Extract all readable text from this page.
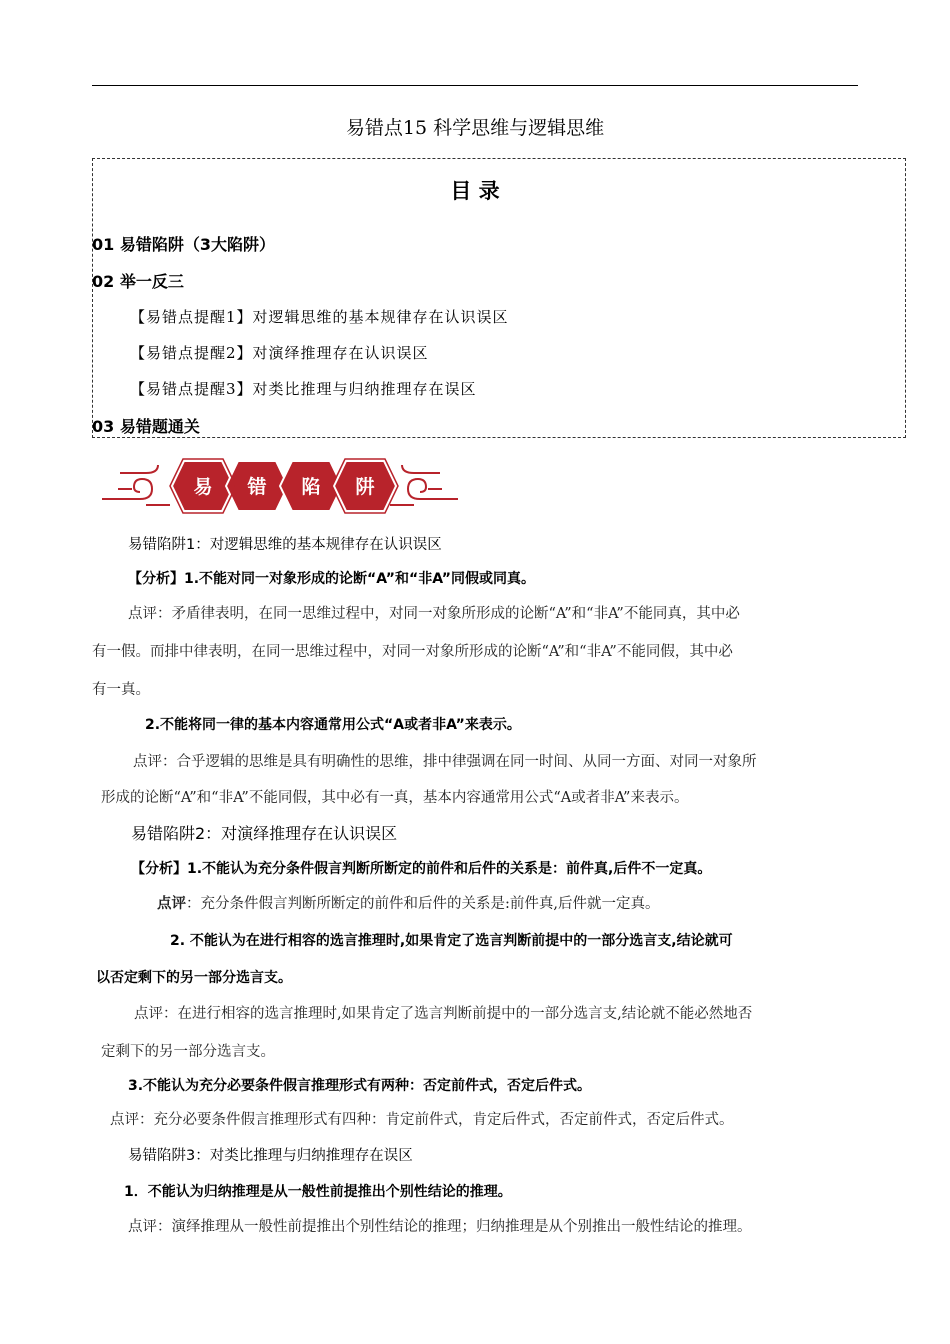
易错点15 科学思维与逻辑思维
目 录
01 易错陷阱（3大陷阱）
02 举一反三
【易错点提醒1】对逻辑思维的基本规律存在认识误区
【易错点提醒2】对演绎推理存在认识误区
【易错点提醒3】对类比推理与归纳推理存在误区
03 易错题通关
易 错 陷 阱
易错陷阱1：对逻辑思维的基本规律存在认识误区
【分析】1.不能对同一对象形成的论断“A”和“非A”同假或同真。
点评：矛盾律表明，在同一思维过程中，对同一对象所形成的论断“A”和“非A”不能同真，其中必
有一假。而排中律表明，在同一思维过程中，对同一对象所形成的论断“A”和“非A”不能同假，其中必
有一真。
2.不能将同一律的基本内容通常用公式“A或者非A”来表示。
点评：合乎逻辑的思维是具有明确性的思维，排中律强调在同一时间、从同一方面、对同一对象所
形成的论断“A”和“非A”不能同假，其中必有一真，基本内容通常用公式“A或者非A”来表示。
易错陷阱2：对演绎推理存在认识误区
【分析】1.不能认为充分条件假言判断所断定的前件和后件的关系是：前件真,后件不一定真。
点评：充分条件假言判断所断定的前件和后件的关系是:前件真,后件就一定真。
2. 不能认为在进行相容的选言推理时,如果肯定了选言判断前提中的一部分选言支,结论就可
以否定剩下的另一部分选言支。
点评：在进行相容的选言推理时,如果肯定了选言判断前提中的一部分选言支,结论就不能必然地否
定剩下的另一部分选言支。
3.不能认为充分必要条件假言推理形式有两种：否定前件式，否定后件式。
点评：充分必要条件假言推理形式有四种：肯定前件式，肯定后件式，否定前件式，否定后件式。
易错陷阱3：对类比推理与归纳推理存在误区
1．不能认为归纳推理是从一般性前提推出个别性结论的推理。
点评：演绎推理从一般性前提推出个别性结论的推理；归纳推理是从个别推出一般性结论的推理。
